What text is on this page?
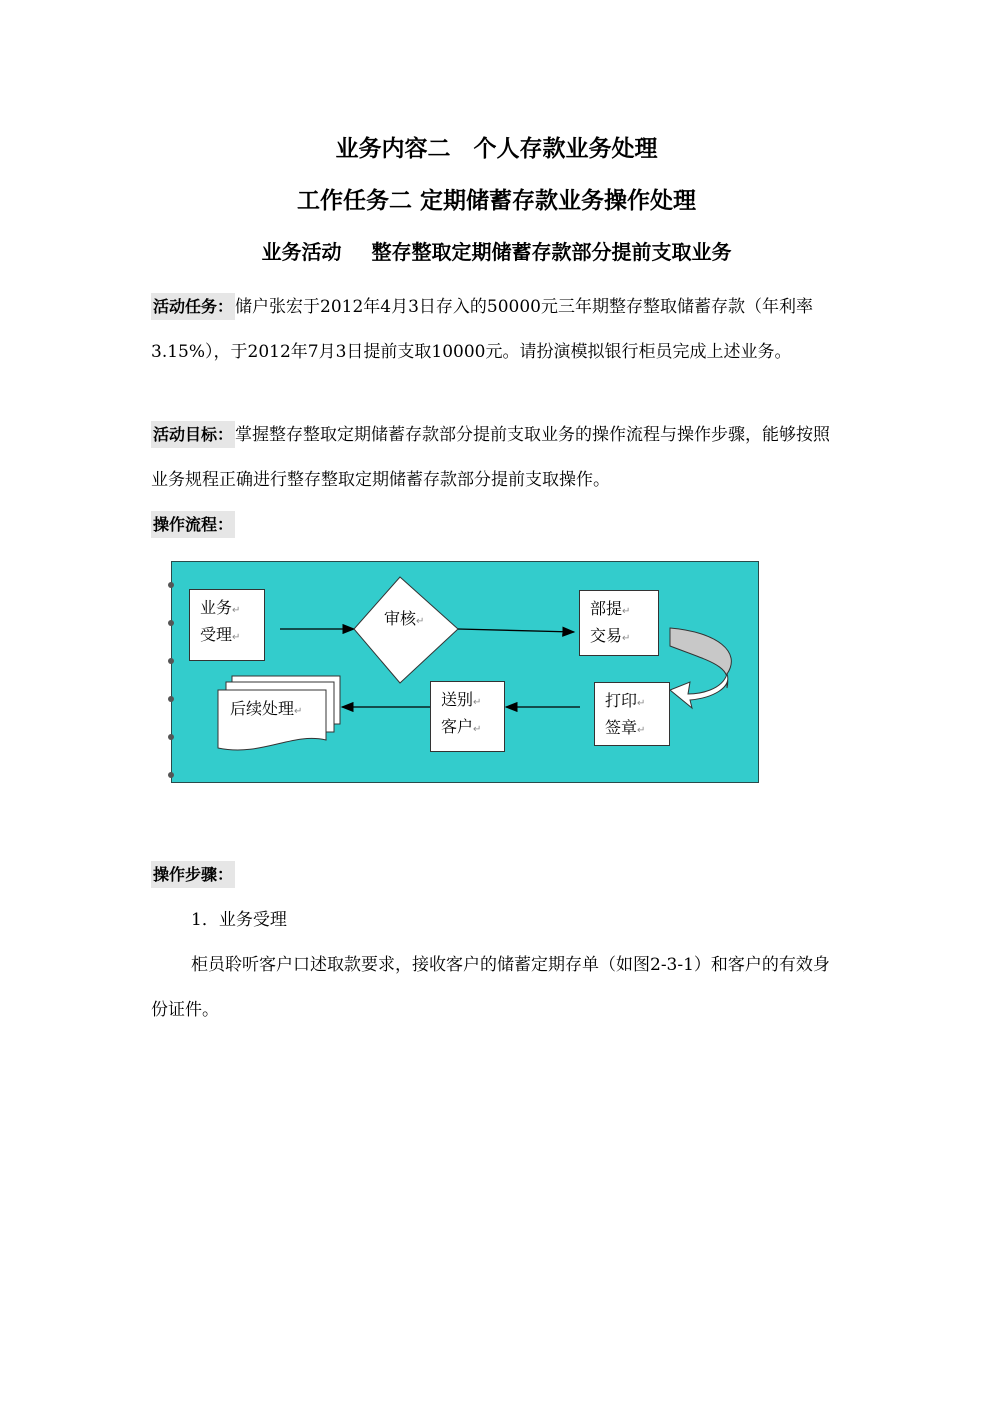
业务内容二　个人存款业务处理
工作任务二 定期储蓄存款业务操作处理
业务活动 整存整取定期储蓄存款部分提前支取业务
活动任务： 储户张宏于2012年4月3日存入的50000元三年期整存整取储蓄存款（年利率 3.15%），于2012年7月3日提前支取10000元。请扮演模拟银行柜员完成上述业务。
活动目标： 掌握整存整取定期储蓄存款部分提前支取业务的操作流程与操作步骤，能够按照业务规程正确进行整存整取定期储蓄存款部分提前支取操作。
操作流程：
业务↵
受理↵
审核↵
部提↵
交易↵
打印↵
签章↵
送别↵
客户↵
后续处理↵
操作步骤：
1．业务受理
柜员聆听客户口述取款要求，接收客户的储蓄定期存单（如图2-3-1）和客户的有效身份证件。
